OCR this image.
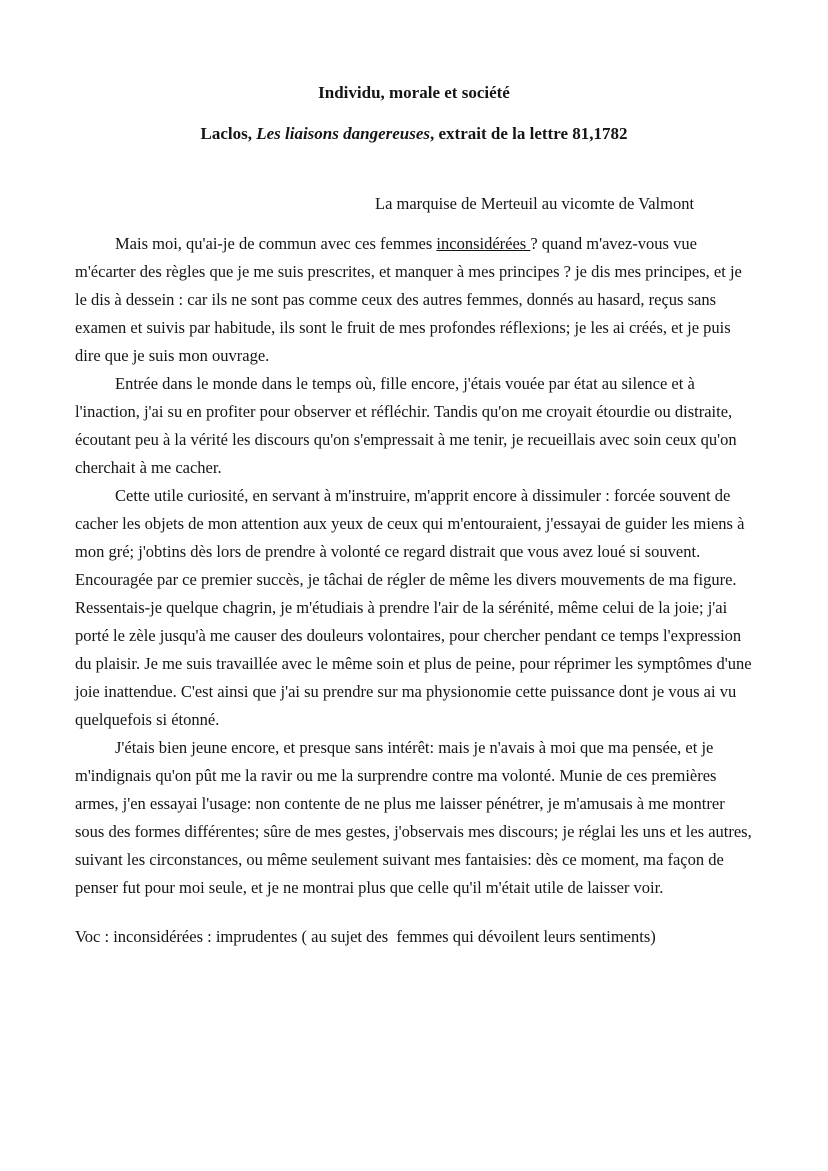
Individu, morale et société
Laclos, Les liaisons dangereuses, extrait de la lettre 81,1782

La marquise de Merteuil au vicomte de Valmont

Mais moi, qu'ai-je de commun avec ces femmes inconsidérées ? quand m'avez-vous vue m'écarter des règles que je me suis prescrites, et manquer à mes principes ? je dis mes principes, et je le dis à dessein : car ils ne sont pas comme ceux des autres femmes, donnés au hasard, reçus sans examen et suivis par habitude, ils sont le fruit de mes profondes réflexions; je les ai créés, et je puis dire que je suis mon ouvrage.

Entrée dans le monde dans le temps où, fille encore, j'étais vouée par état au silence et à l'inaction, j'ai su en profiter pour observer et réfléchir. Tandis qu'on me croyait étourdie ou distraite, écoutant peu à la vérité les discours qu'on s'empressait à me tenir, je recueillais avec soin ceux qu'on cherchait à me cacher.

Cette utile curiosité, en servant à m'instruire, m'apprit encore à dissimuler : forcée souvent de cacher les objets de mon attention aux yeux de ceux qui m'entouraient, j'essayai de guider les miens à mon gré; j'obtins dès lors de prendre à volonté ce regard distrait que vous avez loué si souvent. Encouragée par ce premier succès, je tâchai de régler de même les divers mouvements de ma figure. Ressentais-je quelque chagrin, je m'étudiais à prendre l'air de la sérénité, même celui de la joie; j'ai porté le zèle jusqu'à me causer des douleurs volontaires, pour chercher pendant ce temps l'expression du plaisir. Je me suis travaillée avec le même soin et plus de peine, pour réprimer les symptômes d'une joie inattendue. C'est ainsi que j'ai su prendre sur ma physionomie cette puissance dont je vous ai vu quelquefois si étonné.

J'étais bien jeune encore, et presque sans intérêt: mais je n'avais à moi que ma pensée, et je m'indignais qu'on pût me la ravir ou me la surprendre contre ma volonté. Munie de ces premières armes, j'en essayai l'usage: non contente de ne plus me laisser pénétrer, je m'amusais à me montrer sous des formes différentes; sûre de mes gestes, j'observais mes discours; je réglai les uns et les autres, suivant les circonstances, ou même seulement suivant mes fantaisies: dès ce moment, ma façon de penser fut pour moi seule, et je ne montrai plus que celle qu'il m'était utile de laisser voir.

Voc : inconsidérées : imprudentes ( au sujet des  femmes qui dévoilent leurs sentiments)
